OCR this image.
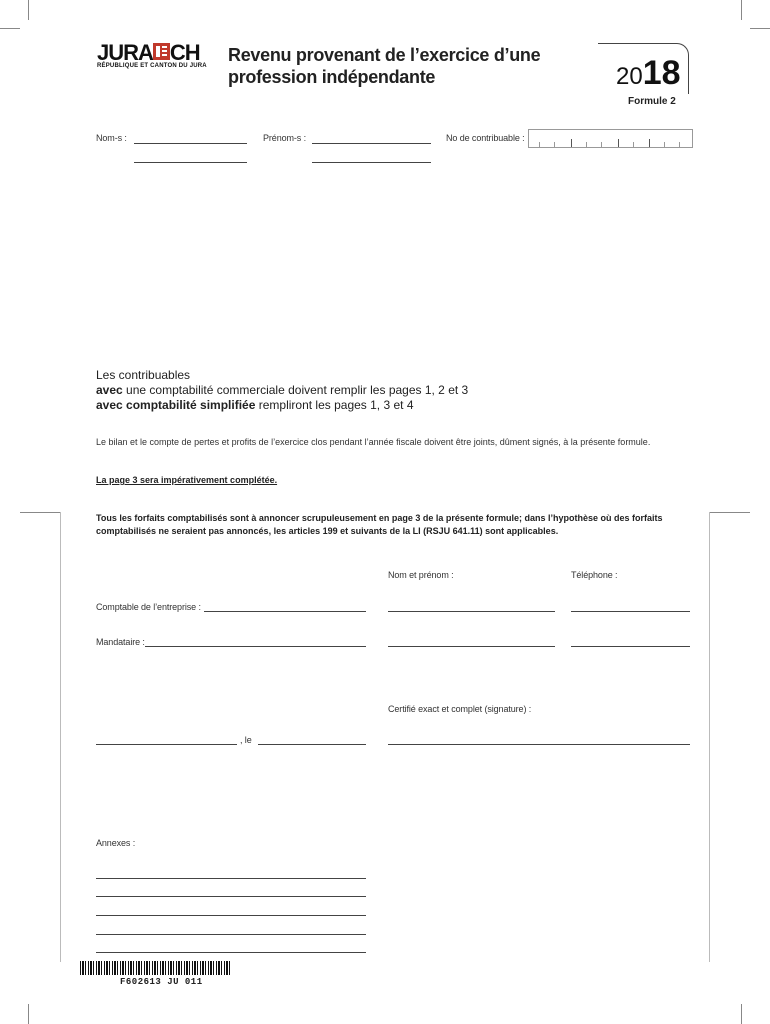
JURA CH
RÉPUBLIQUE ET CANTON DU JURA
Revenu provenant de l’exercice d’une
profession indépendante	2018
Formule 2
Nom-s :	Prénom-s :	No de contribuable :
Les contribuables
avec une comptabilité commerciale doivent remplir les pages 1, 2 et 3
avec comptabilité simplifiée rempliront les pages 1, 3 et 4
Le bilan et le compte de pertes et profits de l’exercice clos pendant l’année fiscale doivent être joints, dûment signés, à la présente formule.
La page 3 sera impérativement complétée.
Tous les forfaits comptabilisés sont à annoncer scrupuleusement en page 3 de la présente formule; dans l’hypothèse où des forfaits comptabilisés ne seraient pas annoncés, les articles 199 et suivants de la LI (RSJU 641.11) sont applicables.
Nom et prénom :	Téléphone :
Comptable de l’entreprise :
Mandataire :
Certifié exact et complet (signature) :
, le
Annexes :
F602613 JU 011
